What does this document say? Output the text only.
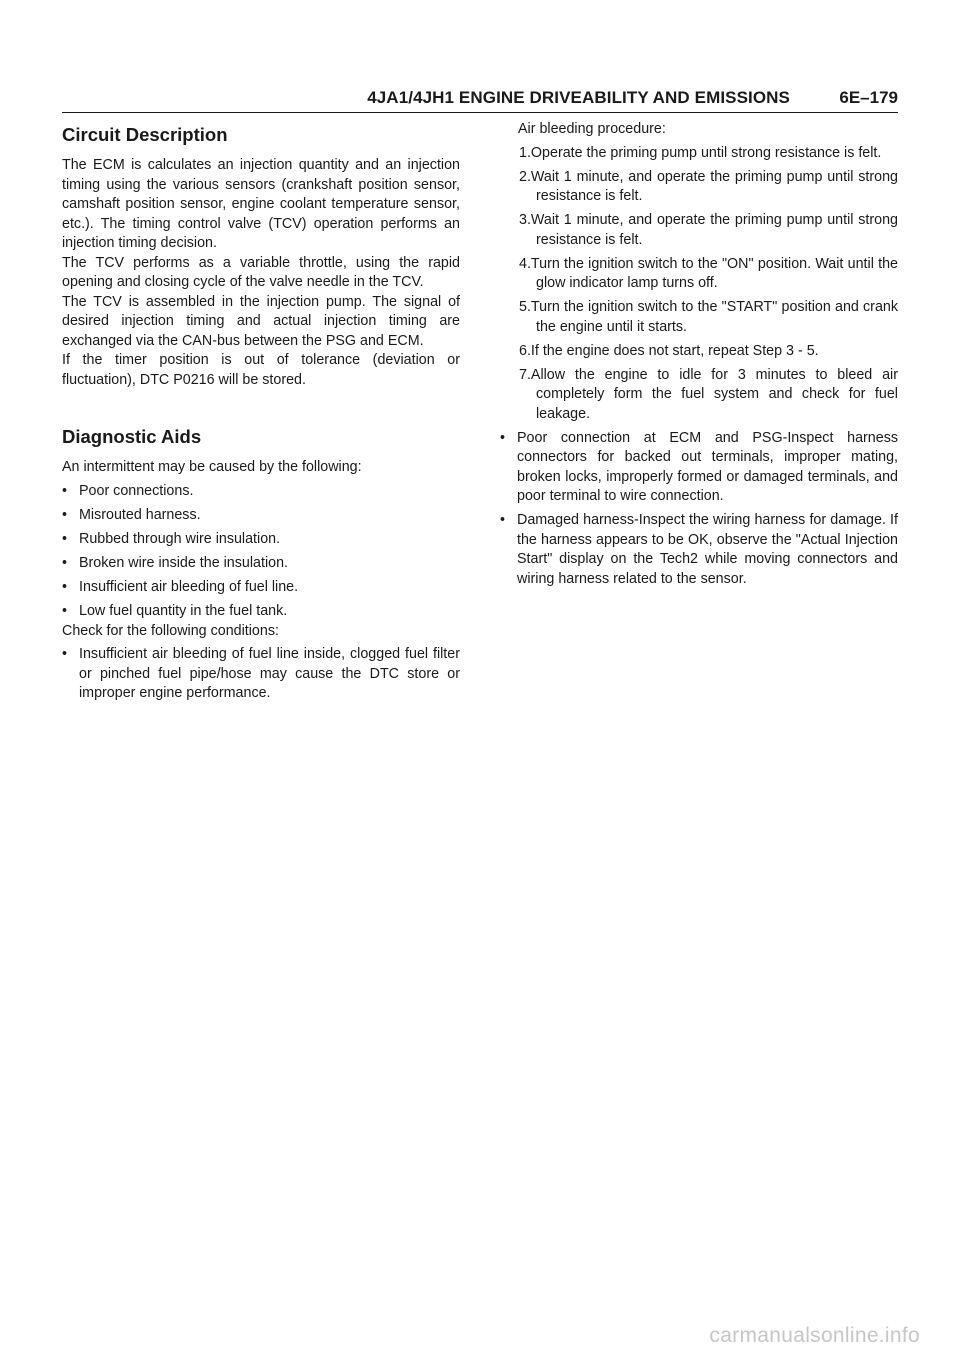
4JA1/4JH1 ENGINE DRIVEABILITY AND EMISSIONS	6E–179
Circuit Description

The ECM is calculates an injection quantity and an injection timing using the various sensors (crankshaft position sensor, camshaft position sensor, engine coolant temperature sensor, etc.). The timing control valve (TCV) operation performs an injection timing decision.

The TCV performs as a variable throttle, using the rapid opening and closing cycle of the valve needle in the TCV.

The TCV is assembled in the injection pump. The signal of desired injection timing and actual injection timing are exchanged via the CAN-bus between the PSG and ECM.

If the timer position is out of tolerance (deviation or fluctuation), DTC P0216 will be stored.

Diagnostic Aids

An intermittent may be caused by the following:

• Poor connections.
• Misrouted harness.
• Rubbed through wire insulation.
• Broken wire inside the insulation.
• Insufficient air bleeding of fuel line.
• Low fuel quantity in the fuel tank.

Check for the following conditions:

• Insufficient air bleeding of fuel line inside, clogged fuel filter or pinched fuel pipe/hose may cause the DTC store or improper engine performance.

Air bleeding procedure:

1.Operate the priming pump until strong resistance is felt.
2.Wait 1 minute, and operate the priming pump until strong resistance is felt.
3.Wait 1 minute, and operate the priming pump until strong resistance is felt.
4.Turn the ignition switch to the "ON" position. Wait until the glow indicator lamp turns off.
5.Turn the ignition switch to the "START" position and crank the engine until it starts.
6.If the engine does not start, repeat Step 3 - 5.
7.Allow the engine to idle for 3 minutes to bleed air completely form the fuel system and check for fuel leakage.
• Poor connection at ECM and PSG-Inspect harness connectors for backed out terminals, improper mating, broken locks, improperly formed or damaged terminals, and poor terminal to wire connection.
• Damaged harness-Inspect the wiring harness for damage. If the harness appears to be OK, observe the "Actual Injection Start" display on the Tech2 while moving connectors and wiring harness related to the sensor.
carmanualsonline.info
